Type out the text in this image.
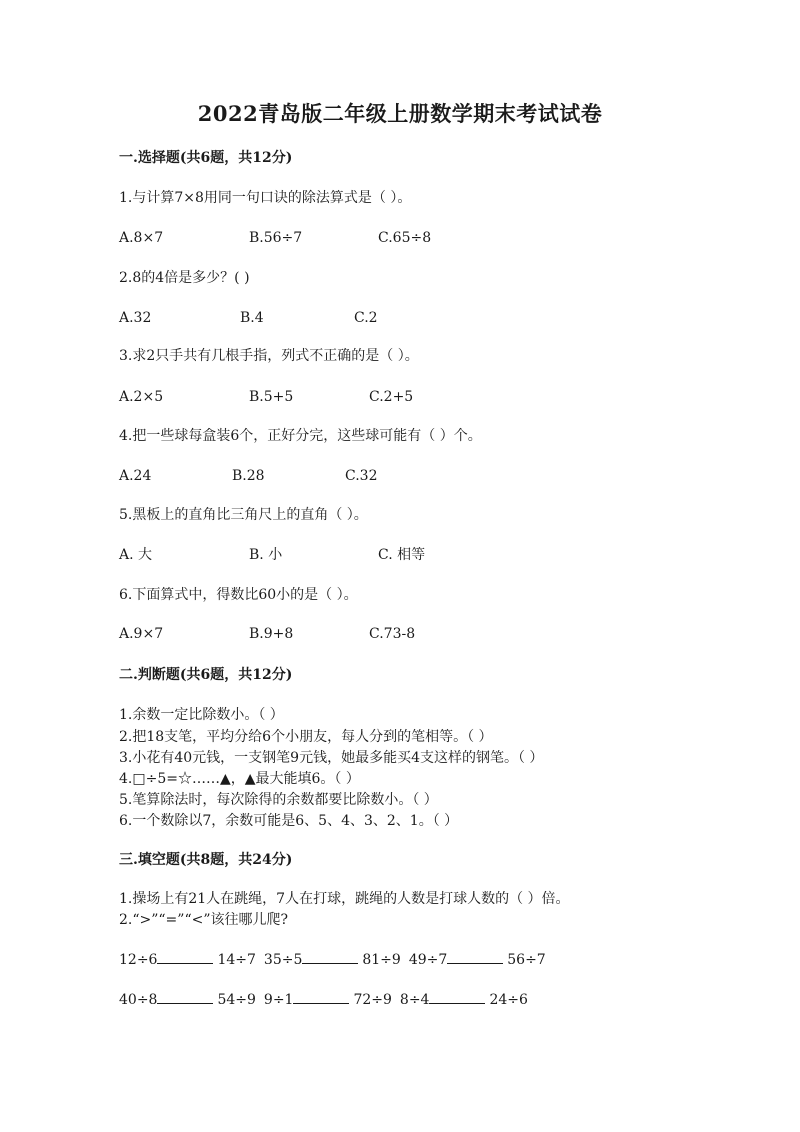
2022青岛版二年级上册数学期末考试试卷
一.选择题(共6题，共12分)
1.与计算7×8用同一句口诀的除法算式是（ ）。
A.8×7	B.56÷7	C.65÷8
2.8的4倍是多少？( )
A.32	B.4	C.2
3.求2只手共有几根手指，列式不正确的是（ ）。
A.2×5	B.5+5	C.2+5
4.把一些球每盒装6个，正好分完，这些球可能有（ ）个。
A.24	B.28	C.32
5.黑板上的直角比三角尺上的直角（ ）。
A. 大	B. 小	C. 相等
6.下面算式中，得数比60小的是（ ）。
A.9×7	B.9+8	C.73-8
二.判断题(共6题，共12分)
1.余数一定比除数小。（ ）
2.把18支笔，平均分给6个小朋友，每人分到的笔相等。（ ）
3.小花有40元钱，一支钢笔9元钱，她最多能买4支这样的钢笔。（ ）
4.□÷5=☆……▲，▲最大能填6。（ ）
5.笔算除法时，每次除得的余数都要比除数小。（ ）
6.一个数除以7，余数可能是6、5、4、3、2、1。（ ）
三.填空题(共8题，共24分)
1.操场上有21人在跳绳，7人在打球，跳绳的人数是打球人数的（ ）倍。
2.“>”“=”“<”该往哪儿爬?
12÷6	14÷7 35÷5	81÷9 49÷7	56÷7
40÷8	54÷9 9÷1	72÷9 8÷4	24÷6
